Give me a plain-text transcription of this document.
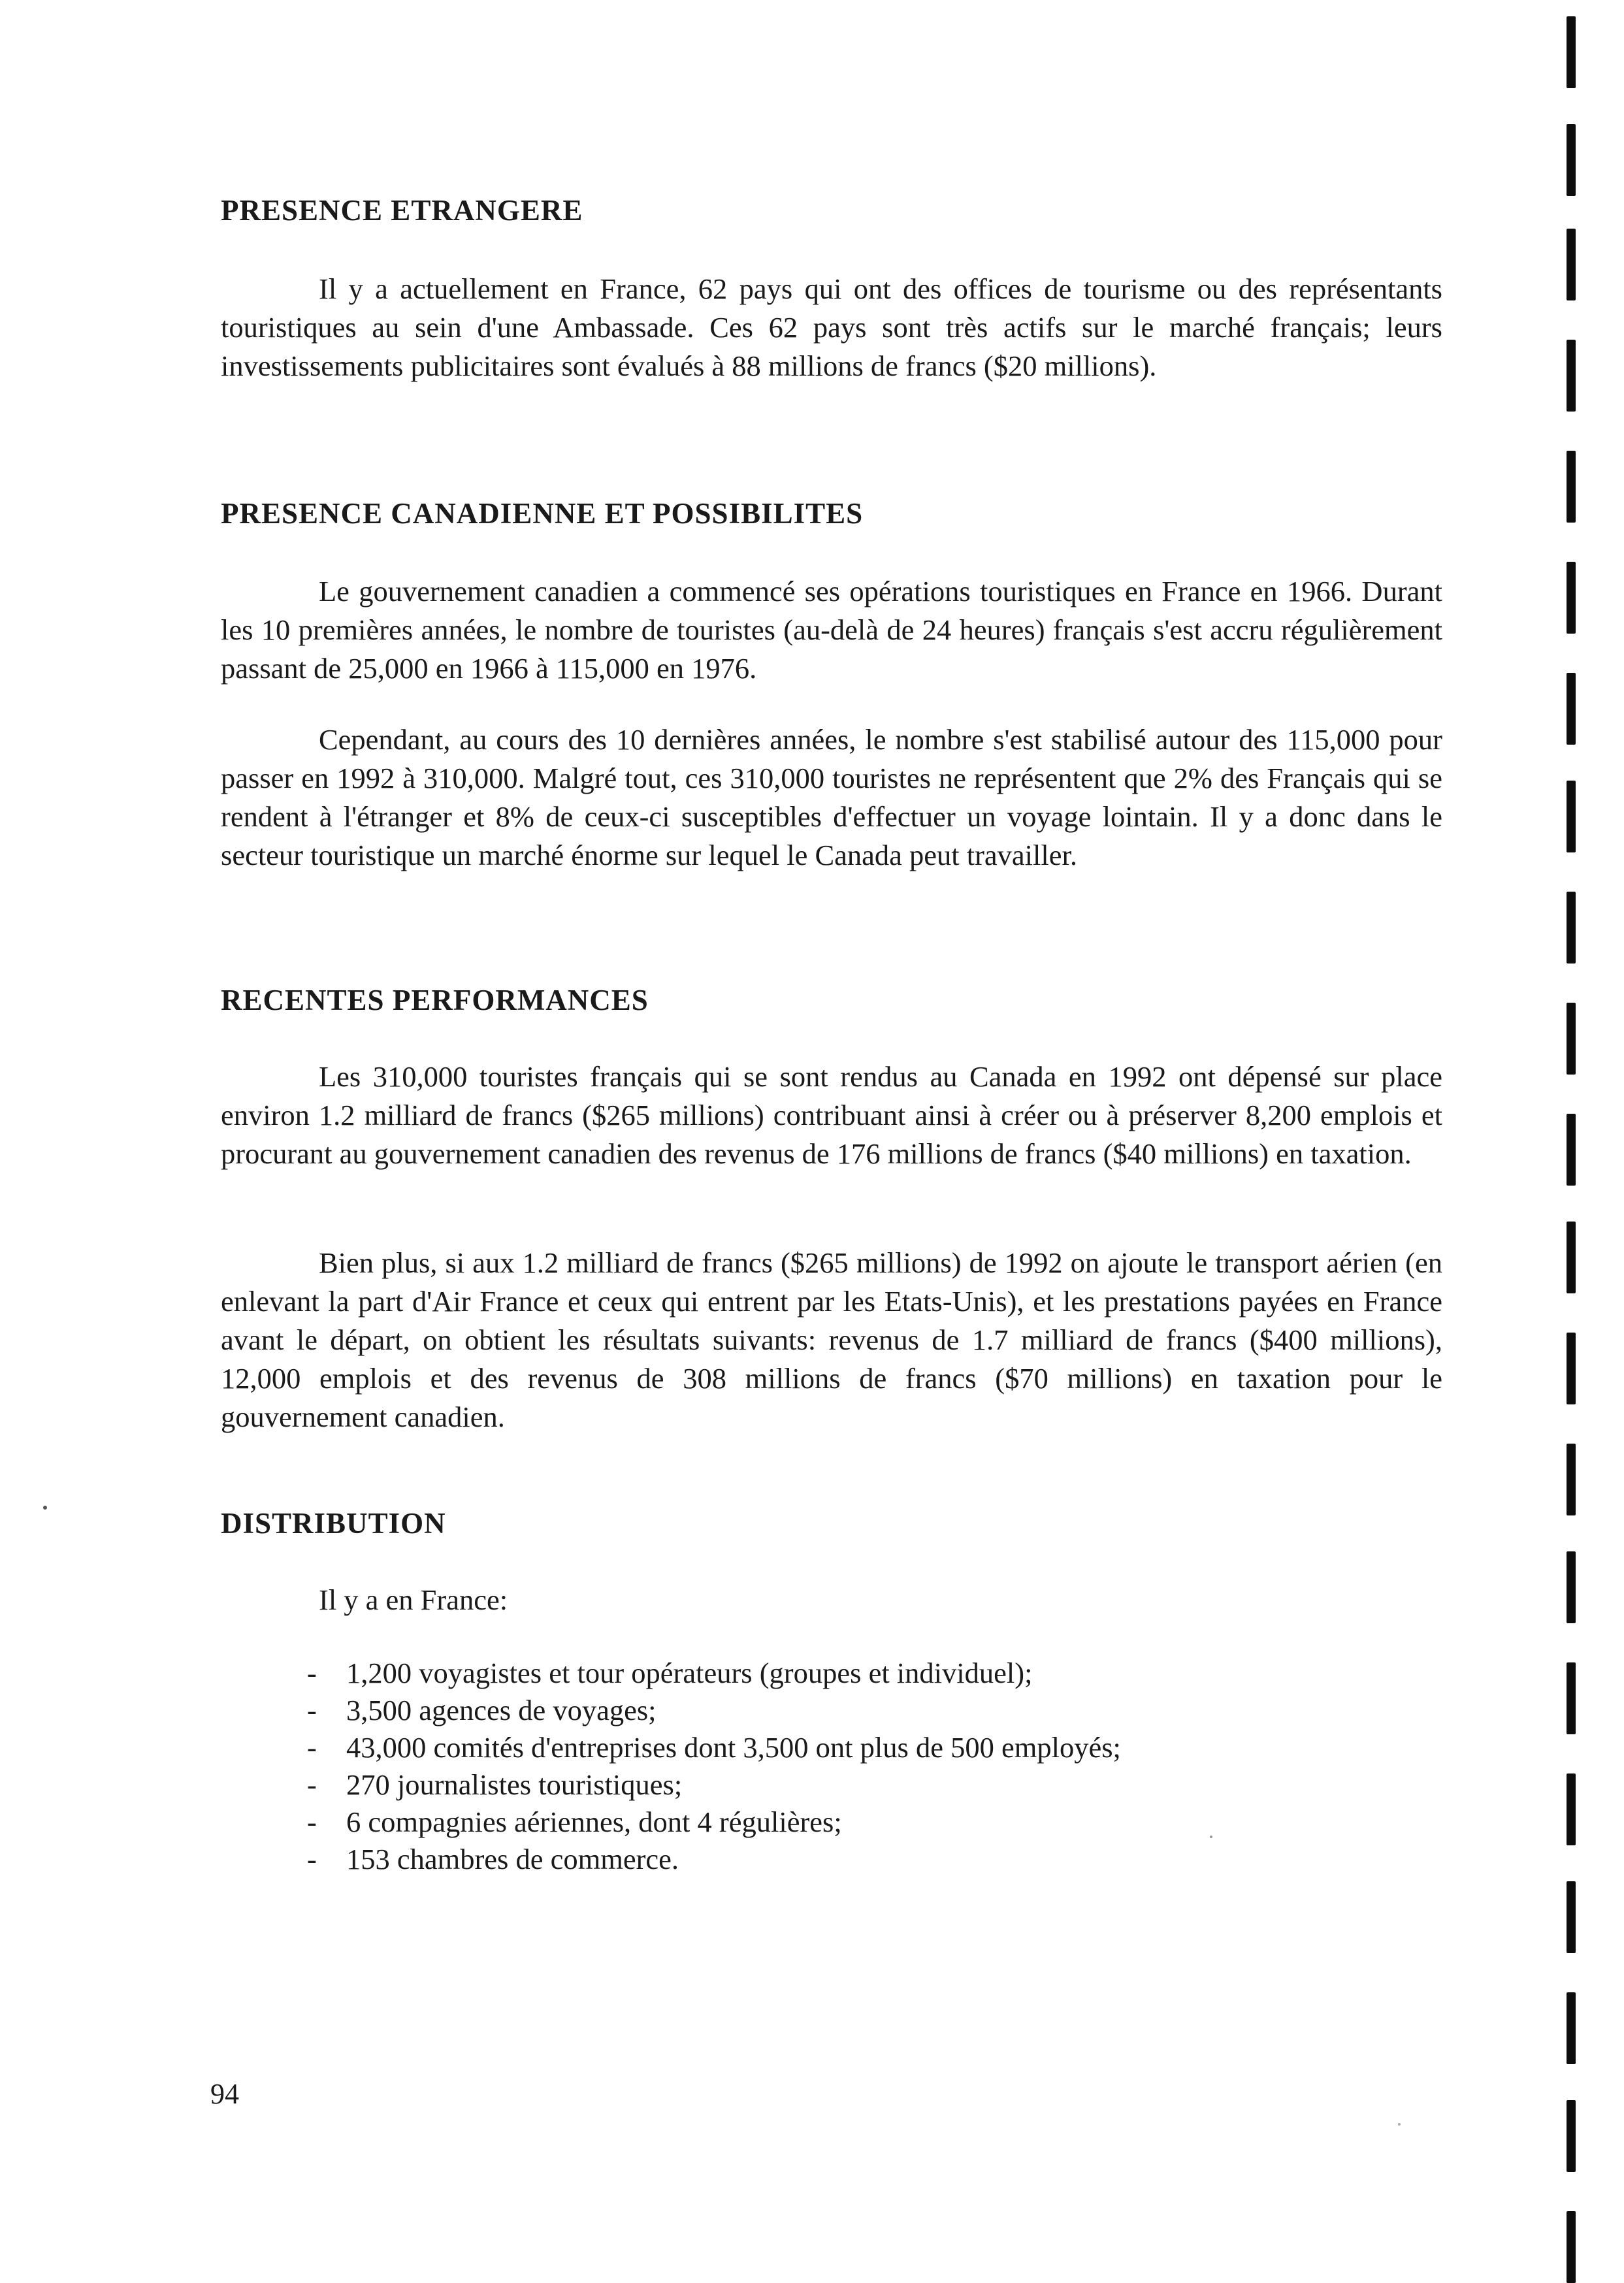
PRESENCE ETRANGERE

Il y a actuellement en France, 62 pays qui ont des offices de tourisme ou des représentants touristiques au sein d'une Ambassade. Ces 62 pays sont très actifs sur le marché français; leurs investissements publicitaires sont évalués à 88 millions de francs ($20 millions).

PRESENCE CANADIENNE ET POSSIBILITES

Le gouvernement canadien a commencé ses opérations touristiques en France en 1966. Durant les 10 premières années, le nombre de touristes (au-delà de 24 heures) français s'est accru régulièrement passant de 25,000 en 1966 à 115,000 en 1976.

Cependant, au cours des 10 dernières années, le nombre s'est stabilisé autour des 115,000 pour passer en 1992 à 310,000. Malgré tout, ces 310,000 touristes ne représentent que 2% des Français qui se rendent à l'étranger et 8% de ceux-ci susceptibles d'effectuer un voyage lointain. Il y a donc dans le secteur touristique un marché énorme sur lequel le Canada peut travailler.

RECENTES PERFORMANCES

Les 310,000 touristes français qui se sont rendus au Canada en 1992 ont dépensé sur place environ 1.2 milliard de francs ($265 millions) contribuant ainsi à créer ou à préserver 8,200 emplois et procurant au gouvernement canadien des revenus de 176 millions de francs ($40 millions) en taxation.

Bien plus, si aux 1.2 milliard de francs ($265 millions) de 1992 on ajoute le transport aérien (en enlevant la part d'Air France et ceux qui entrent par les Etats-Unis), et les prestations payées en France avant le départ, on obtient les résultats suivants: revenus de 1.7 milliard de francs ($400 millions), 12,000 emplois et des revenus de 308 millions de francs ($70 millions) en taxation pour le gouvernement canadien.

DISTRIBUTION

Il y a en France:

- 1,200 voyagistes et tour opérateurs (groupes et individuel);
- 3,500 agences de voyages;
- 43,000 comités d'entreprises dont 3,500 ont plus de 500 employés;
- 270 journalistes touristiques;
- 6 compagnies aériennes, dont 4 régulières;
- 153 chambres de commerce.
94
